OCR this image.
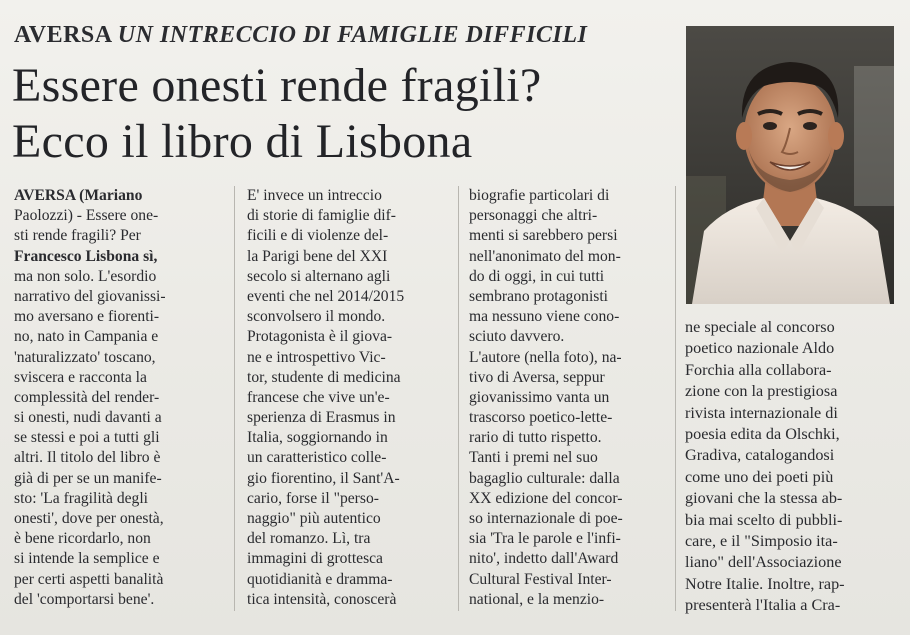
AVERSA UN INTRECCIO DI FAMIGLIE DIFFICILI
Essere onesti rende fragili?
Ecco il libro di Lisbona
AVERSA (Mariano
Paolozzi) - Essere one-
sti rende fragili? Per
Francesco Lisbona sì,
ma non solo. L'esordio
narrativo del giovanissi-
mo aversano e fiorenti-
no, nato in Campania e
'naturalizzato' toscano,
sviscera e racconta la
complessità del render-
si onesti, nudi davanti a
se stessi e poi a tutti gli
altri. Il titolo del libro è
già di per se un manife-
sto: 'La fragilità degli
onesti', dove per onestà,
è bene ricordarlo, non
si intende la semplice e
per certi aspetti banalità
del 'comportarsi bene'.
E' invece un intreccio
di storie di famiglie dif-
ficili e di violenze del-
la Parigi bene del XXI
secolo si alternano agli
eventi che nel 2014/2015
sconvolsero il mondo.
Protagonista è il giova-
ne e introspettivo Vic-
tor, studente di medicina
francese che vive un'e-
sperienza di Erasmus in
Italia, soggiornando in
un caratteristico colle-
gio fiorentino, il Sant'A-
cario, forse il "perso-
naggio" più autentico
del romanzo. Lì, tra
immagini di grottesca
quotidianità e dramma-
tica intensità, conoscerà
biografie particolari di
personaggi che altri-
menti si sarebbero persi
nell'anonimato del mon-
do di oggi, in cui tutti
sembrano protagonisti
ma nessuno viene cono-
sciuto davvero.
L'autore (nella foto), na-
tivo di Aversa, seppur
giovanissimo vanta un
trascorso poetico-lette-
rario di tutto rispetto.
Tanti i premi nel suo
bagaglio culturale: dalla
XX edizione del concor-
so internazionale di poe-
sia 'Tra le parole e l'infi-
nito', indetto dall'Award
Cultural Festival Inter-
national, e la menzio-
ne speciale al concorso
poetico nazionale Aldo
Forchia alla collabora-
zione con la prestigiosa
rivista internazionale di
poesia edita da Olschki,
Gradiva, catalogandosi
come uno dei poeti più
giovani che la stessa ab-
bia mai scelto di pubbli-
care, e il "Simposio ita-
liano" dell'Associazione
Notre Italie. Inoltre, rap-
presenterà l'Italia a Cra-
